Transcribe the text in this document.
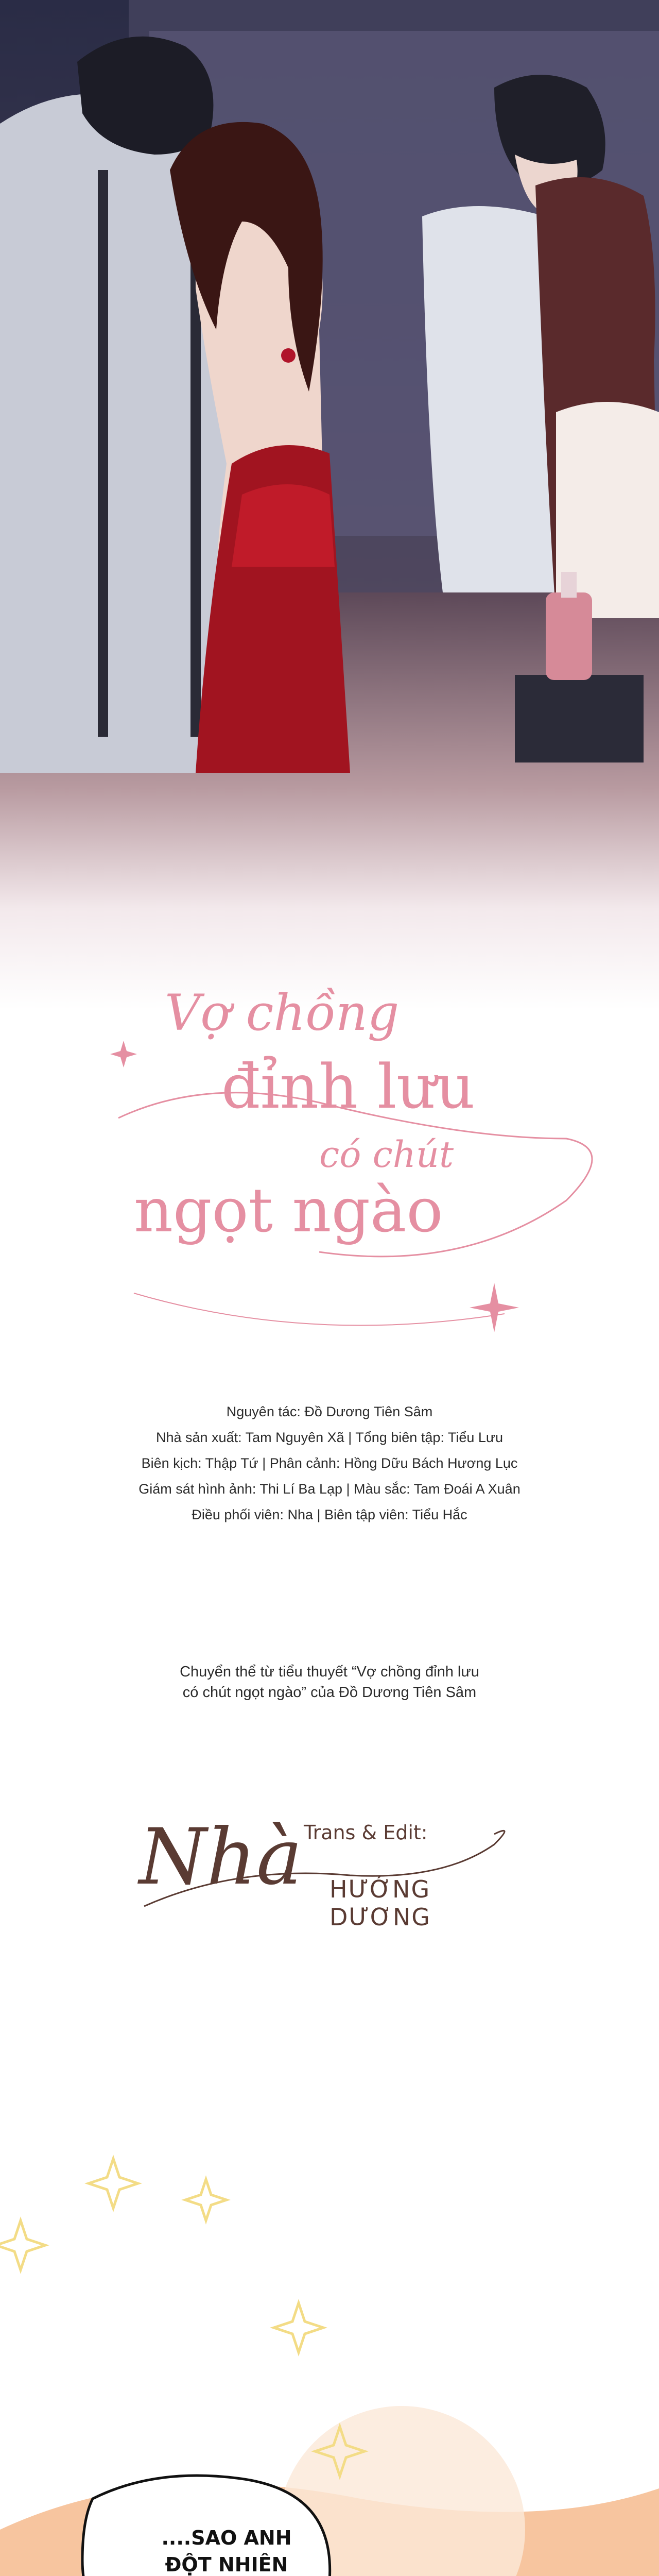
Vợ chồng
đỉnh lưu
có chút
ngọt ngào
Nguyên tác: Đồ Dương Tiên Sâm
Nhà sản xuất: Tam Nguyên Xã | Tổng biên tập: Tiểu Lưu
Biên kịch: Thập Tứ | Phân cảnh: Hồng Dữu Bách Hương Lục
Giám sát hình ảnh: Thi Lí Ba Lạp | Màu sắc: Tam Đoái A Xuân
Điều phối viên: Nha | Biên tập viên: Tiểu Hắc
Chuyển thể từ tiểu thuyết “Vợ chồng đỉnh lưu
có chút ngọt ngào” của Đồ Dương Tiên Sâm
Nhà Trans & Edit:
HƯỚNG DƯƠNG
....SAO ANH
ĐỘT NHIÊN
